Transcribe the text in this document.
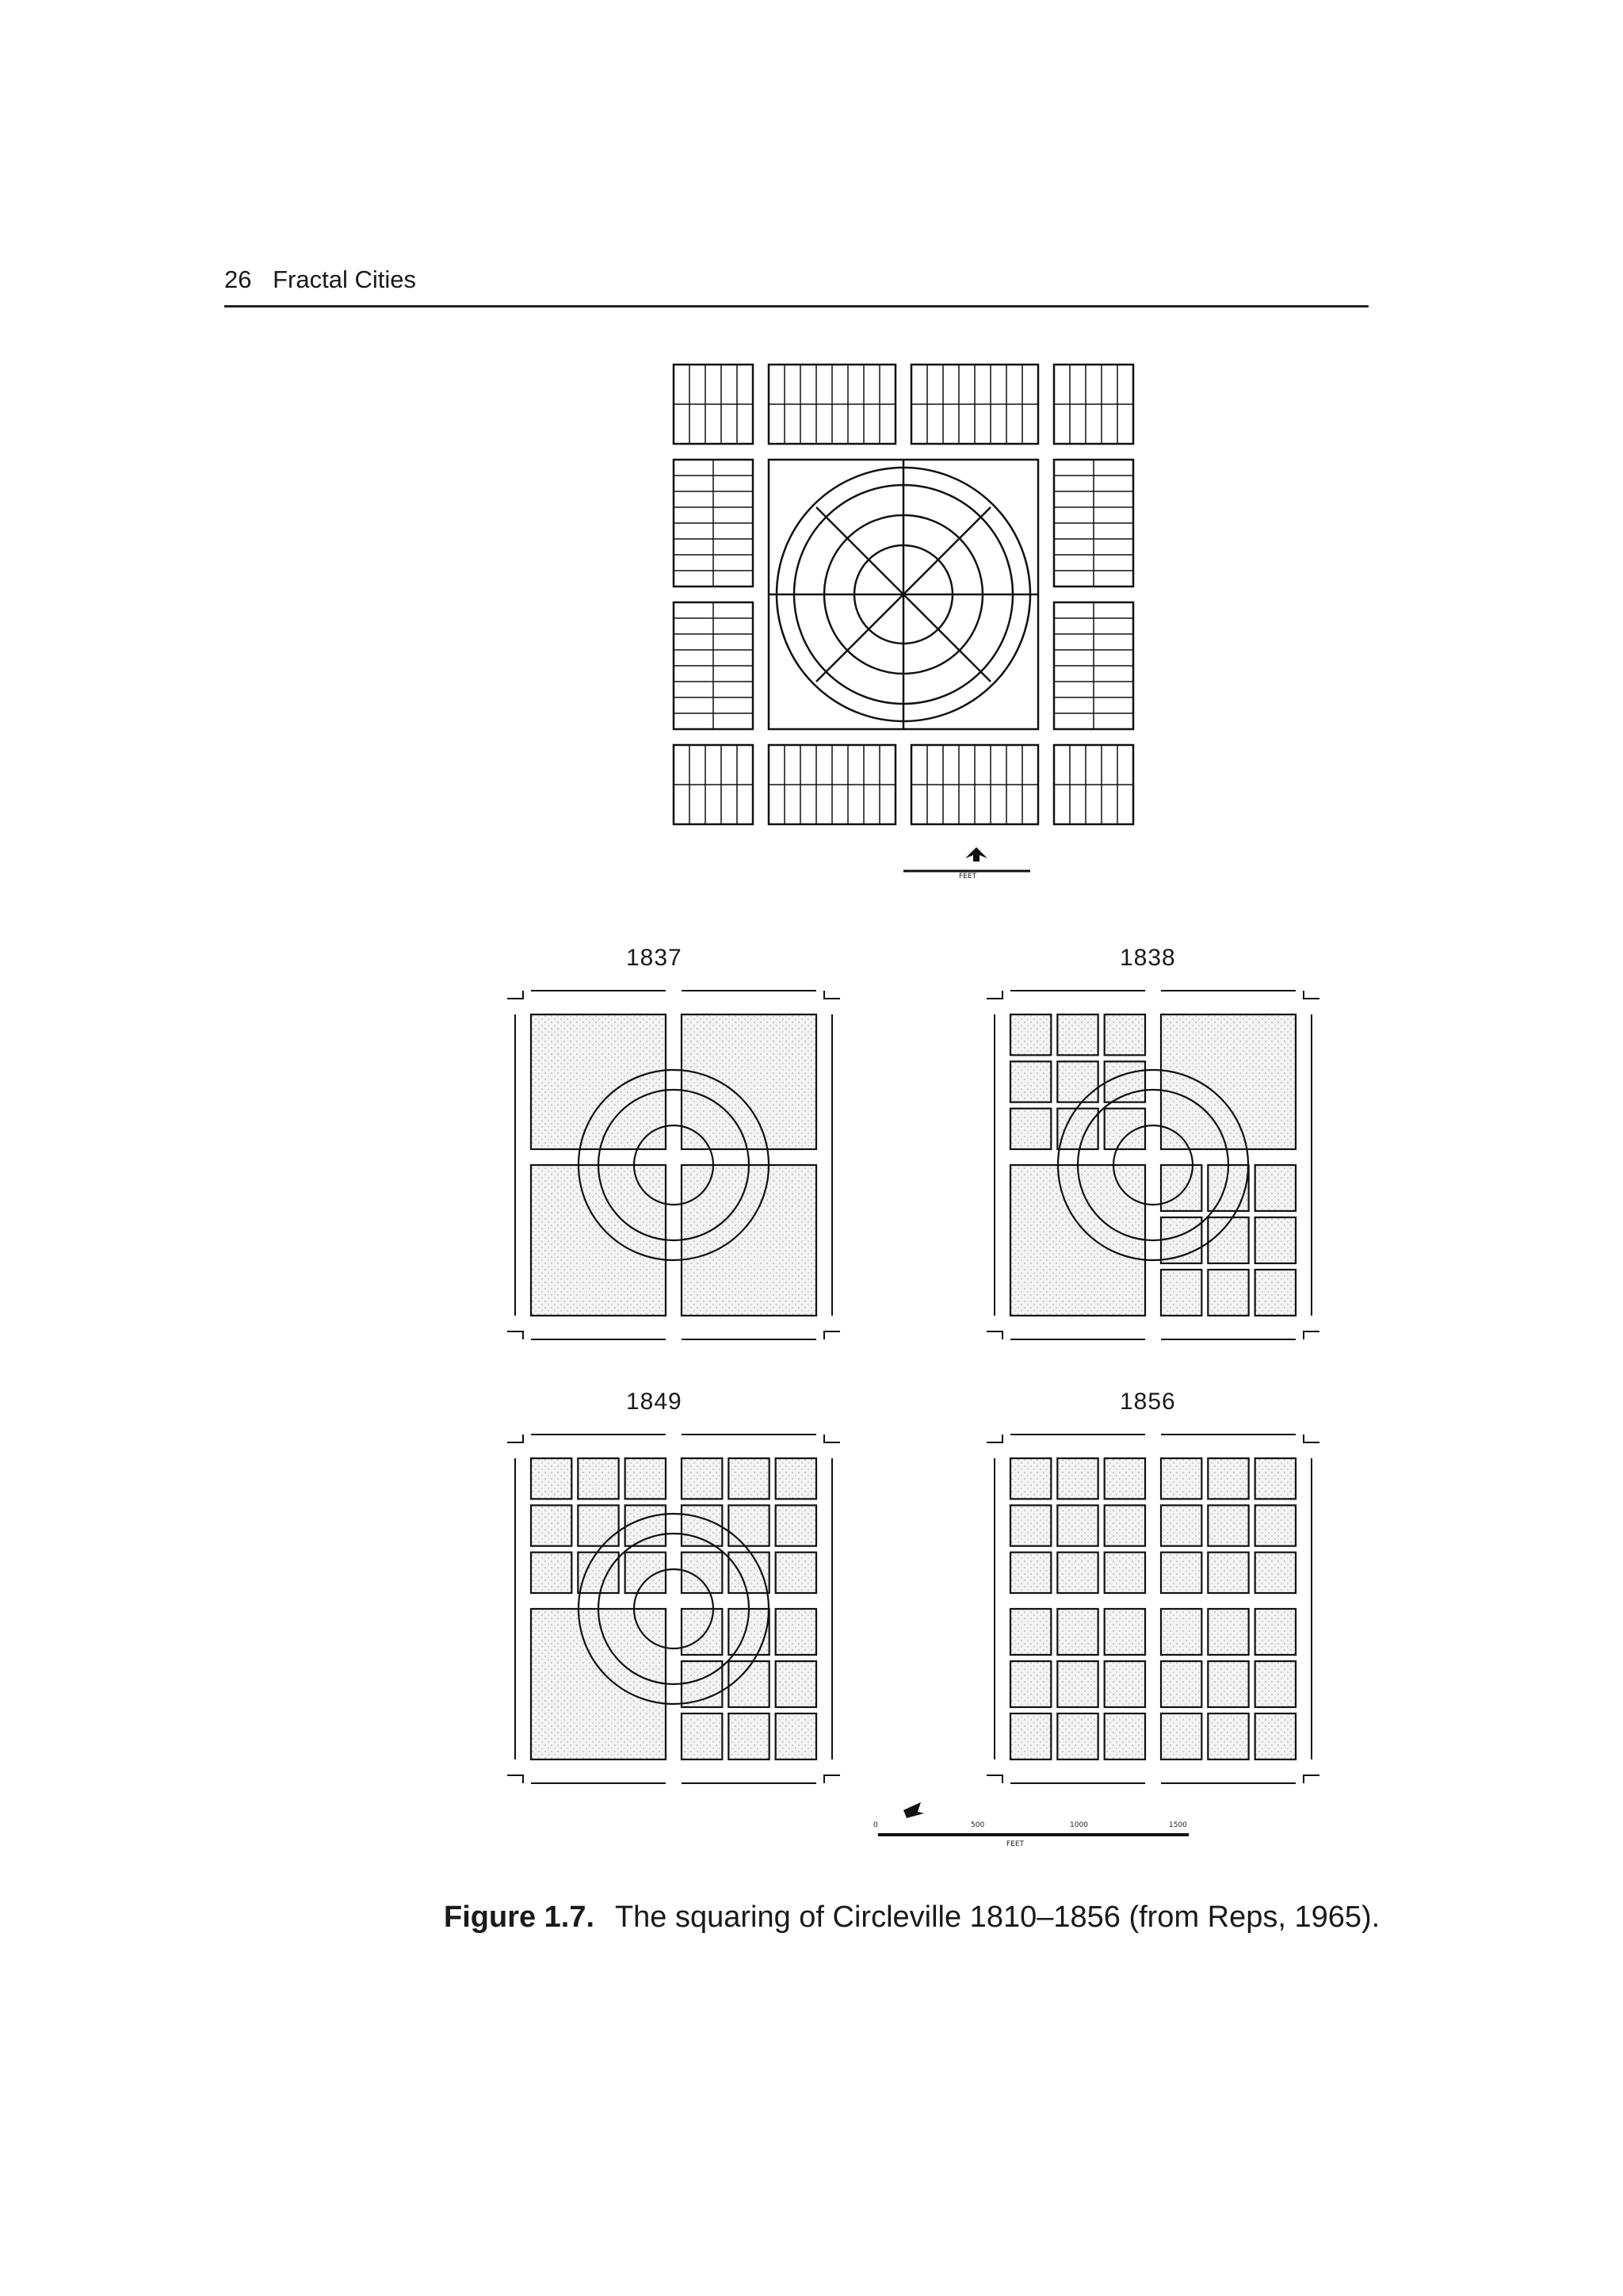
26 Fractal Cities
FEET
1837	1838
1849	1856
0	500	1000	1500
FEET
Figure 1.7. The squaring of Circleville 1810–1856 (from Reps, 1965).
